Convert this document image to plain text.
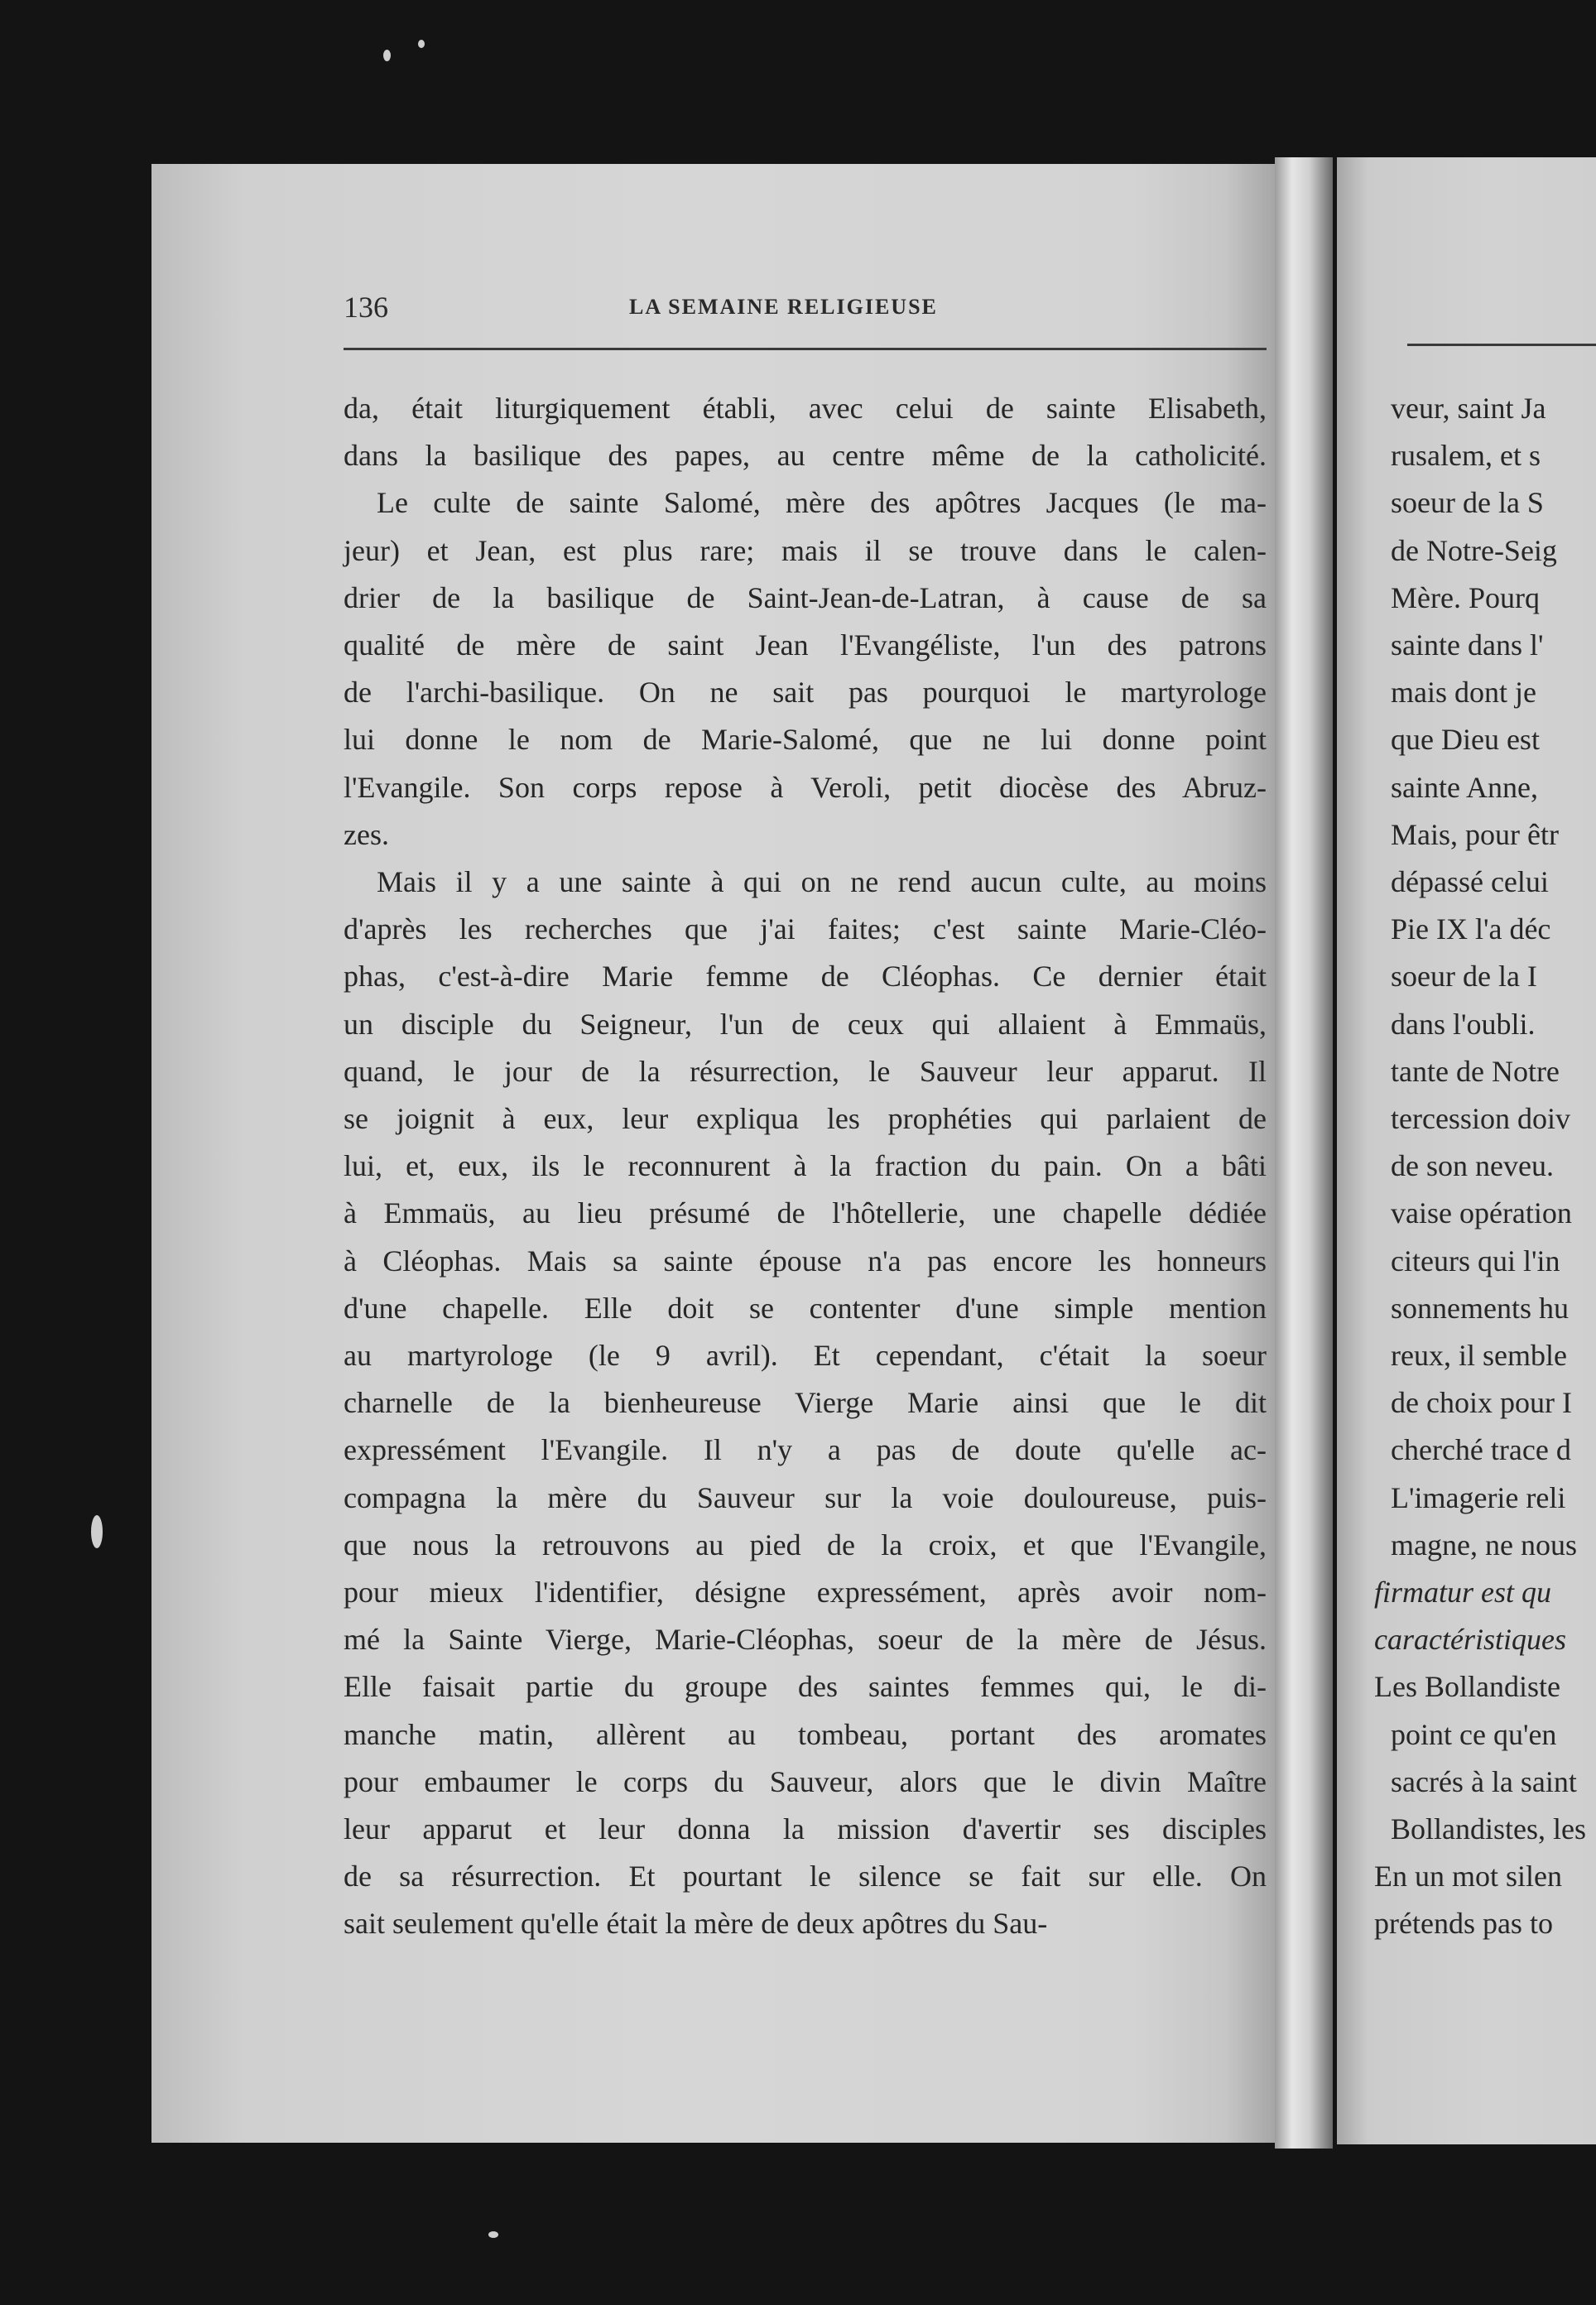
136	LA SEMAINE RELIGIEUSE
da, était liturgiquement établi, avec celui de sainte Elisabeth,
dans la basilique des papes, au centre même de la catholicité.
Le culte de sainte Salomé, mère des apôtres Jacques (le ma-
jeur) et Jean, est plus rare; mais il se trouve dans le calen-
drier de la basilique de Saint-Jean-de-Latran, à cause de sa
qualité de mère de saint Jean l'Evangéliste, l'un des patrons
de l'archi-basilique. On ne sait pas pourquoi le martyrologe
lui donne le nom de Marie-Salomé, que ne lui donne point
l'Evangile. Son corps repose à Veroli, petit diocèse des Abruz-
zes.
Mais il y a une sainte à qui on ne rend aucun culte, au moins
d'après les recherches que j'ai faites; c'est sainte Marie-Cléo-
phas, c'est-à-dire Marie femme de Cléophas. Ce dernier était
un disciple du Seigneur, l'un de ceux qui allaient à Emmaüs,
quand, le jour de la résurrection, le Sauveur leur apparut. Il
se joignit à eux, leur expliqua les prophéties qui parlaient de
lui, et, eux, ils le reconnurent à la fraction du pain. On a bâti
à Emmaüs, au lieu présumé de l'hôtellerie, une chapelle dédiée
à Cléophas. Mais sa sainte épouse n'a pas encore les honneurs
d'une chapelle. Elle doit se contenter d'une simple mention
au martyrologe (le 9 avril). Et cependant, c'était la soeur
charnelle de la bienheureuse Vierge Marie ainsi que le dit
expressément l'Evangile. Il n'y a pas de doute qu'elle ac-
compagna la mère du Sauveur sur la voie douloureuse, puis-
que nous la retrouvons au pied de la croix, et que l'Evangile,
pour mieux l'identifier, désigne expressément, après avoir nom-
mé la Sainte Vierge, Marie-Cléophas, soeur de la mère de Jésus.
Elle faisait partie du groupe des saintes femmes qui, le di-
manche matin, allèrent au tombeau, portant des aromates
pour embaumer le corps du Sauveur, alors que le divin Maître
leur apparut et leur donna la mission d'avertir ses disciples
de sa résurrection. Et pourtant le silence se fait sur elle. On
sait seulement qu'elle était la mère de deux apôtres du Sau-
veur, saint Ja
rusalem, et s
soeur de la S
de Notre-Seig
Mère. Pourq
sainte dans l'
mais dont je
que Dieu est
sainte Anne,
Mais, pour êtr
dépassé celui
Pie IX l'a déc
soeur de la I
dans l'oubli.
tante de Notre
tercession doiv
de son neveu.
vaise opération
citeurs qui l'in
sonnements hu
reux, il semble
de choix pour I
cherché trace d
L'imagerie reli
magne, ne nous
firmatur est qu
caractéristiques
Les Bollandiste
point ce qu'en
sacrés à la saint
Bollandistes, les
En un mot silen
prétends pas to
